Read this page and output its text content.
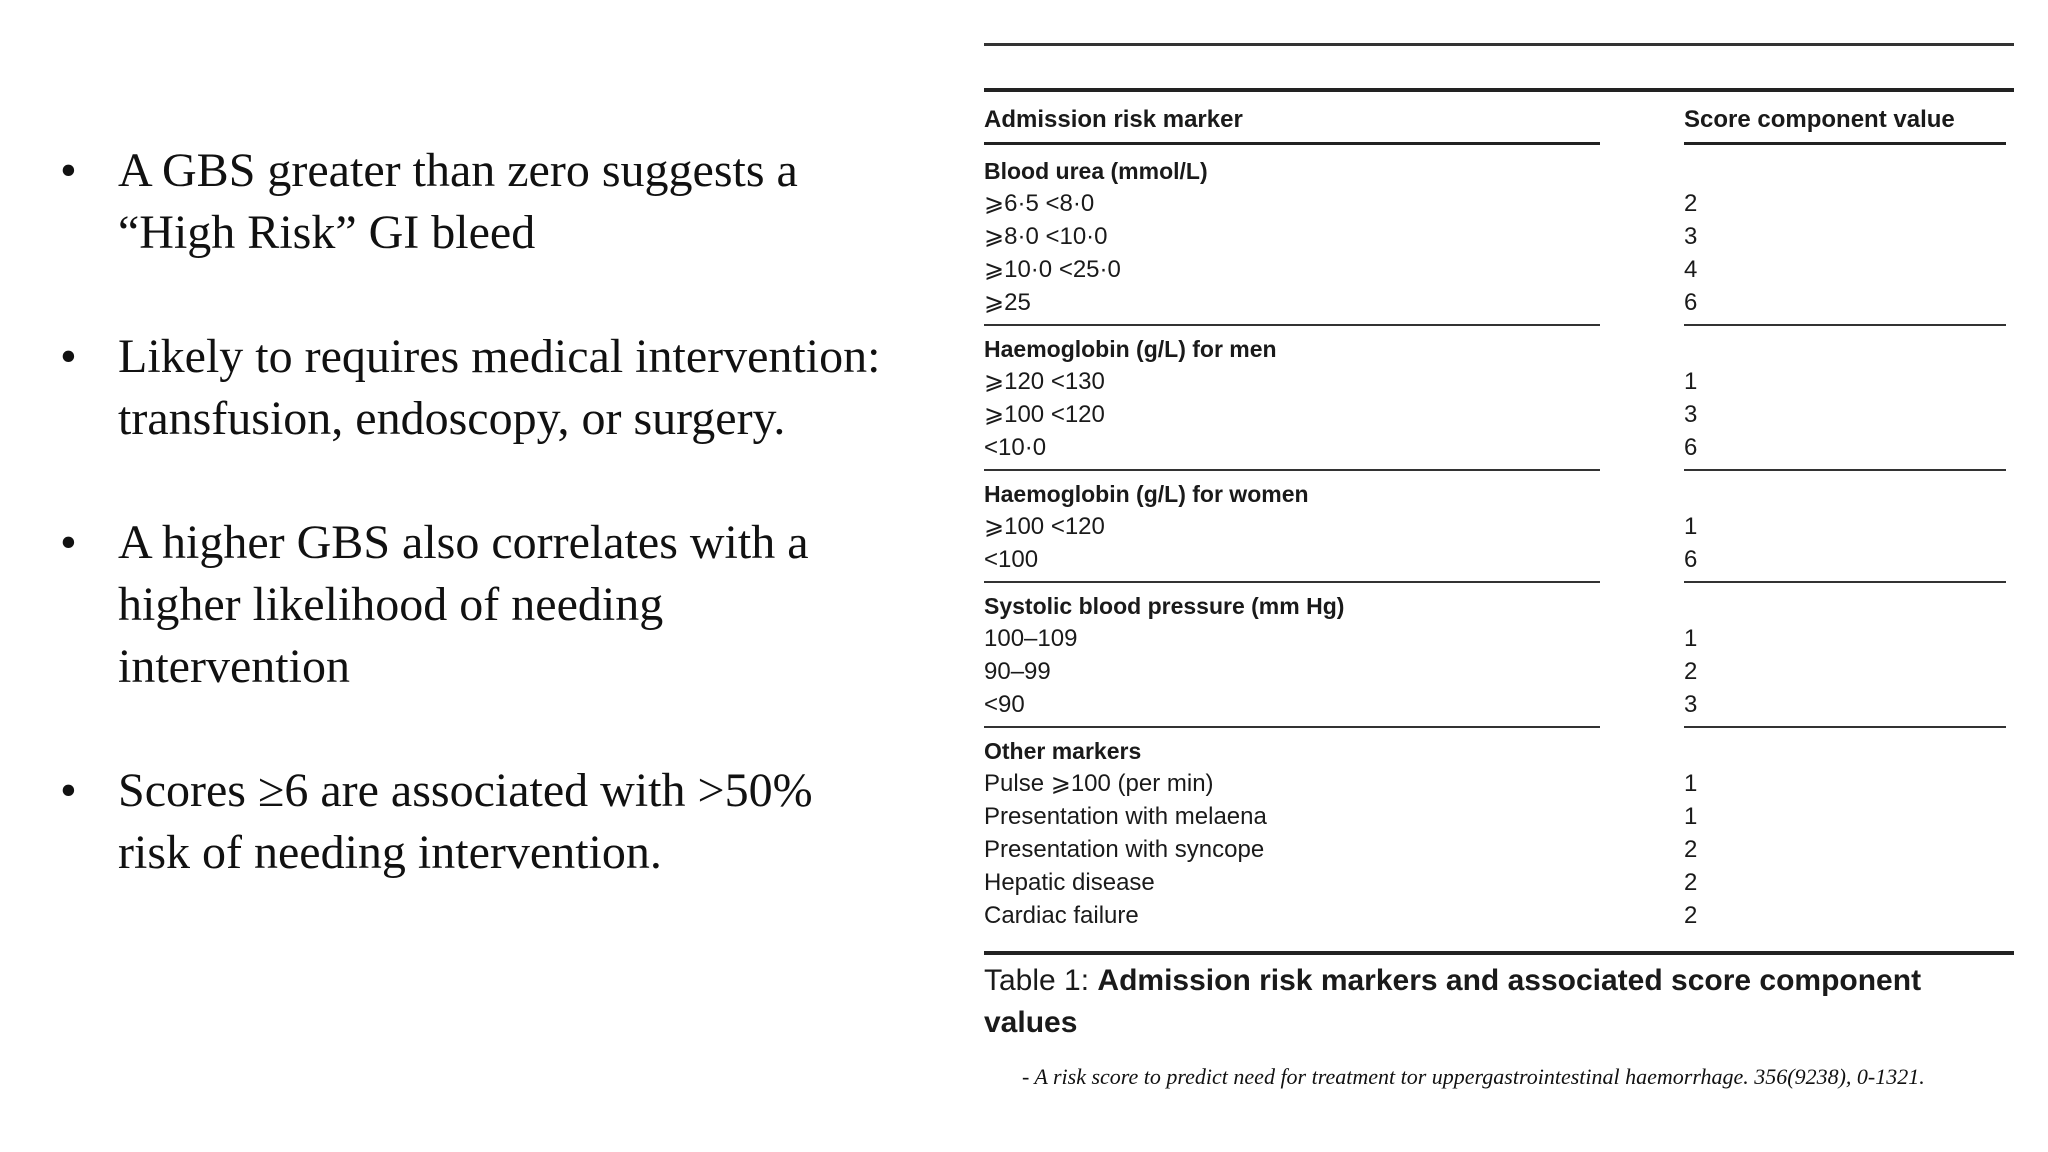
• A GBS greater than zero suggests a
“High Risk” GI bleed
• Likely to requires medical intervention:
transfusion, endoscopy, or surgery.
• A higher GBS also correlates with a
higher likelihood of needing
intervention
• Scores ≥6 are associated with >50%
risk of needing intervention.
Admission risk marker	Score component value
Blood urea (mmol/L)
⩾6·5 <8·0	2
⩾8·0 <10·0	3
⩾10·0 <25·0	4
⩾25	6
Haemoglobin (g/L) for men
⩾120 <130	1
⩾100 <120	3
<10·0	6
Haemoglobin (g/L) for women
⩾100 <120	1
<100	6
Systolic blood pressure (mm Hg)
100–109	1
90–99	2
<90	3
Other markers
Pulse ⩾100 (per min)	1
Presentation with melaena	1
Presentation with syncope	2
Hepatic disease	2
Cardiac failure	2
Table 1: Admission risk markers and associated score component values
- A risk score to predict need for treatment tor uppergastrointestinal haemorrhage. 356(9238), 0-1321.
